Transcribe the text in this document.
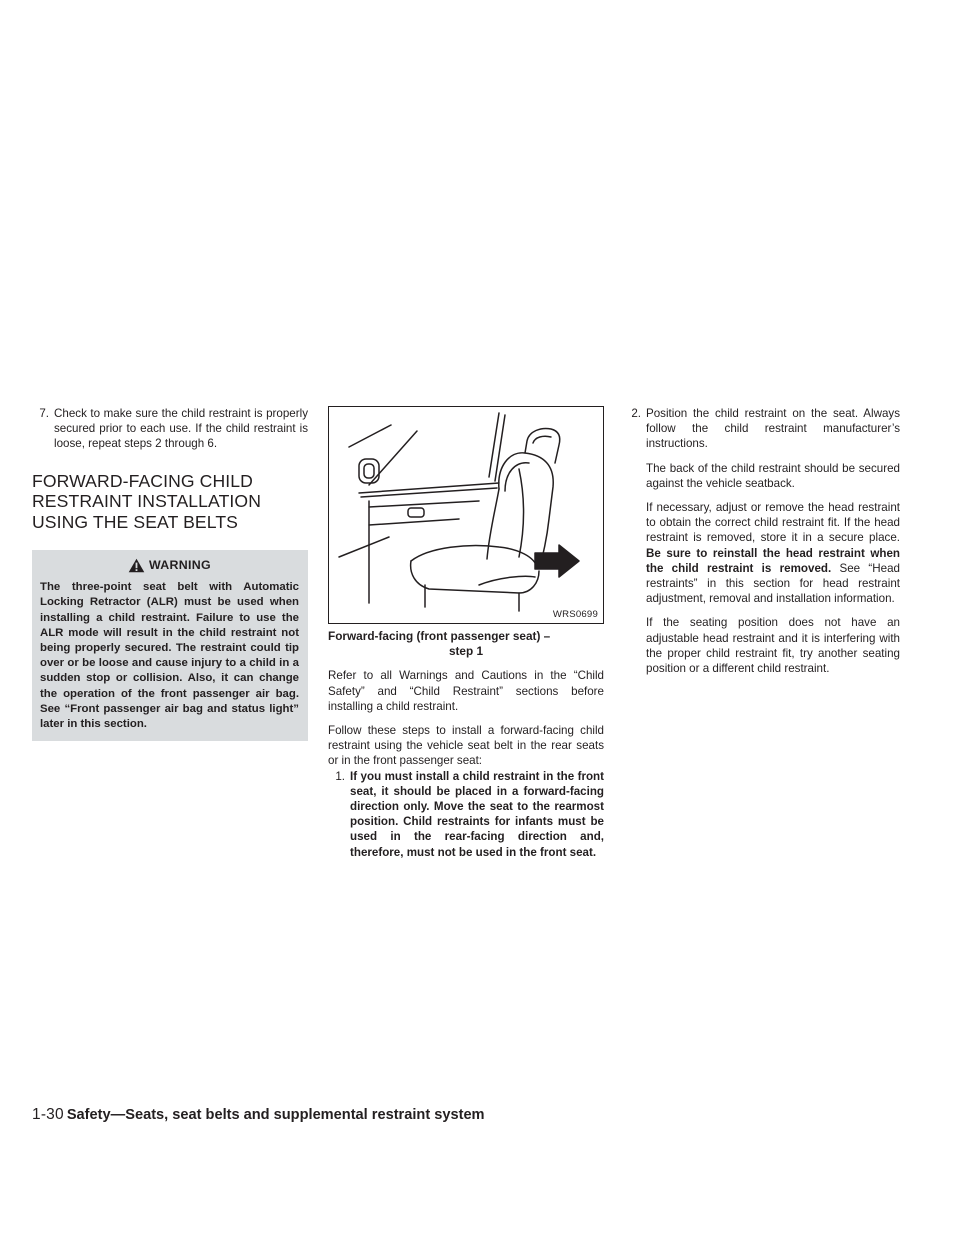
7. Check to make sure the child restraint is properly secured prior to each use. If the child restraint is loose, repeat steps 2 through 6.

FORWARD-FACING CHILD RESTRAINT INSTALLATION USING THE SEAT BELTS
WARNING

The three-point seat belt with Automatic Locking Retractor (ALR) must be used when installing a child restraint. Failure to use the ALR mode will result in the child restraint not being properly secured. The restraint could tip over or be loose and cause injury to a child in a sudden stop or collision. Also, it can change the operation of the front passenger air bag. See “Front passenger air bag and status light” later in this section.

WRS0699

Forward-facing (front passenger seat) –
step 1

Refer to all Warnings and Cautions in the “Child Safety” and “Child Restraint” sections before installing a child restraint.

Follow these steps to install a forward-facing child restraint using the vehicle seat belt in the rear seats or in the front passenger seat:

1. If you must install a child restraint in the front seat, it should be placed in a forward-facing direction only. Move the seat to the rearmost position. Child restraints for infants must be used in the rear-facing direction and, therefore, must not be used in the front seat.

2. Position the child restraint on the seat. Always follow the child restraint manufacturer’s instructions.

The back of the child restraint should be secured against the vehicle seatback.

If necessary, adjust or remove the head restraint to obtain the correct child restraint fit. If the head restraint is removed, store it in a secure place. Be sure to reinstall the head restraint when the child restraint is removed. See “Head restraints” in this section for head restraint adjustment, removal and installation information.

If the seating position does not have an adjustable head restraint and it is interfering with the proper child restraint fit, try another seating position or a different child restraint.

1-30 Safety—Seats, seat belts and supplemental restraint system
